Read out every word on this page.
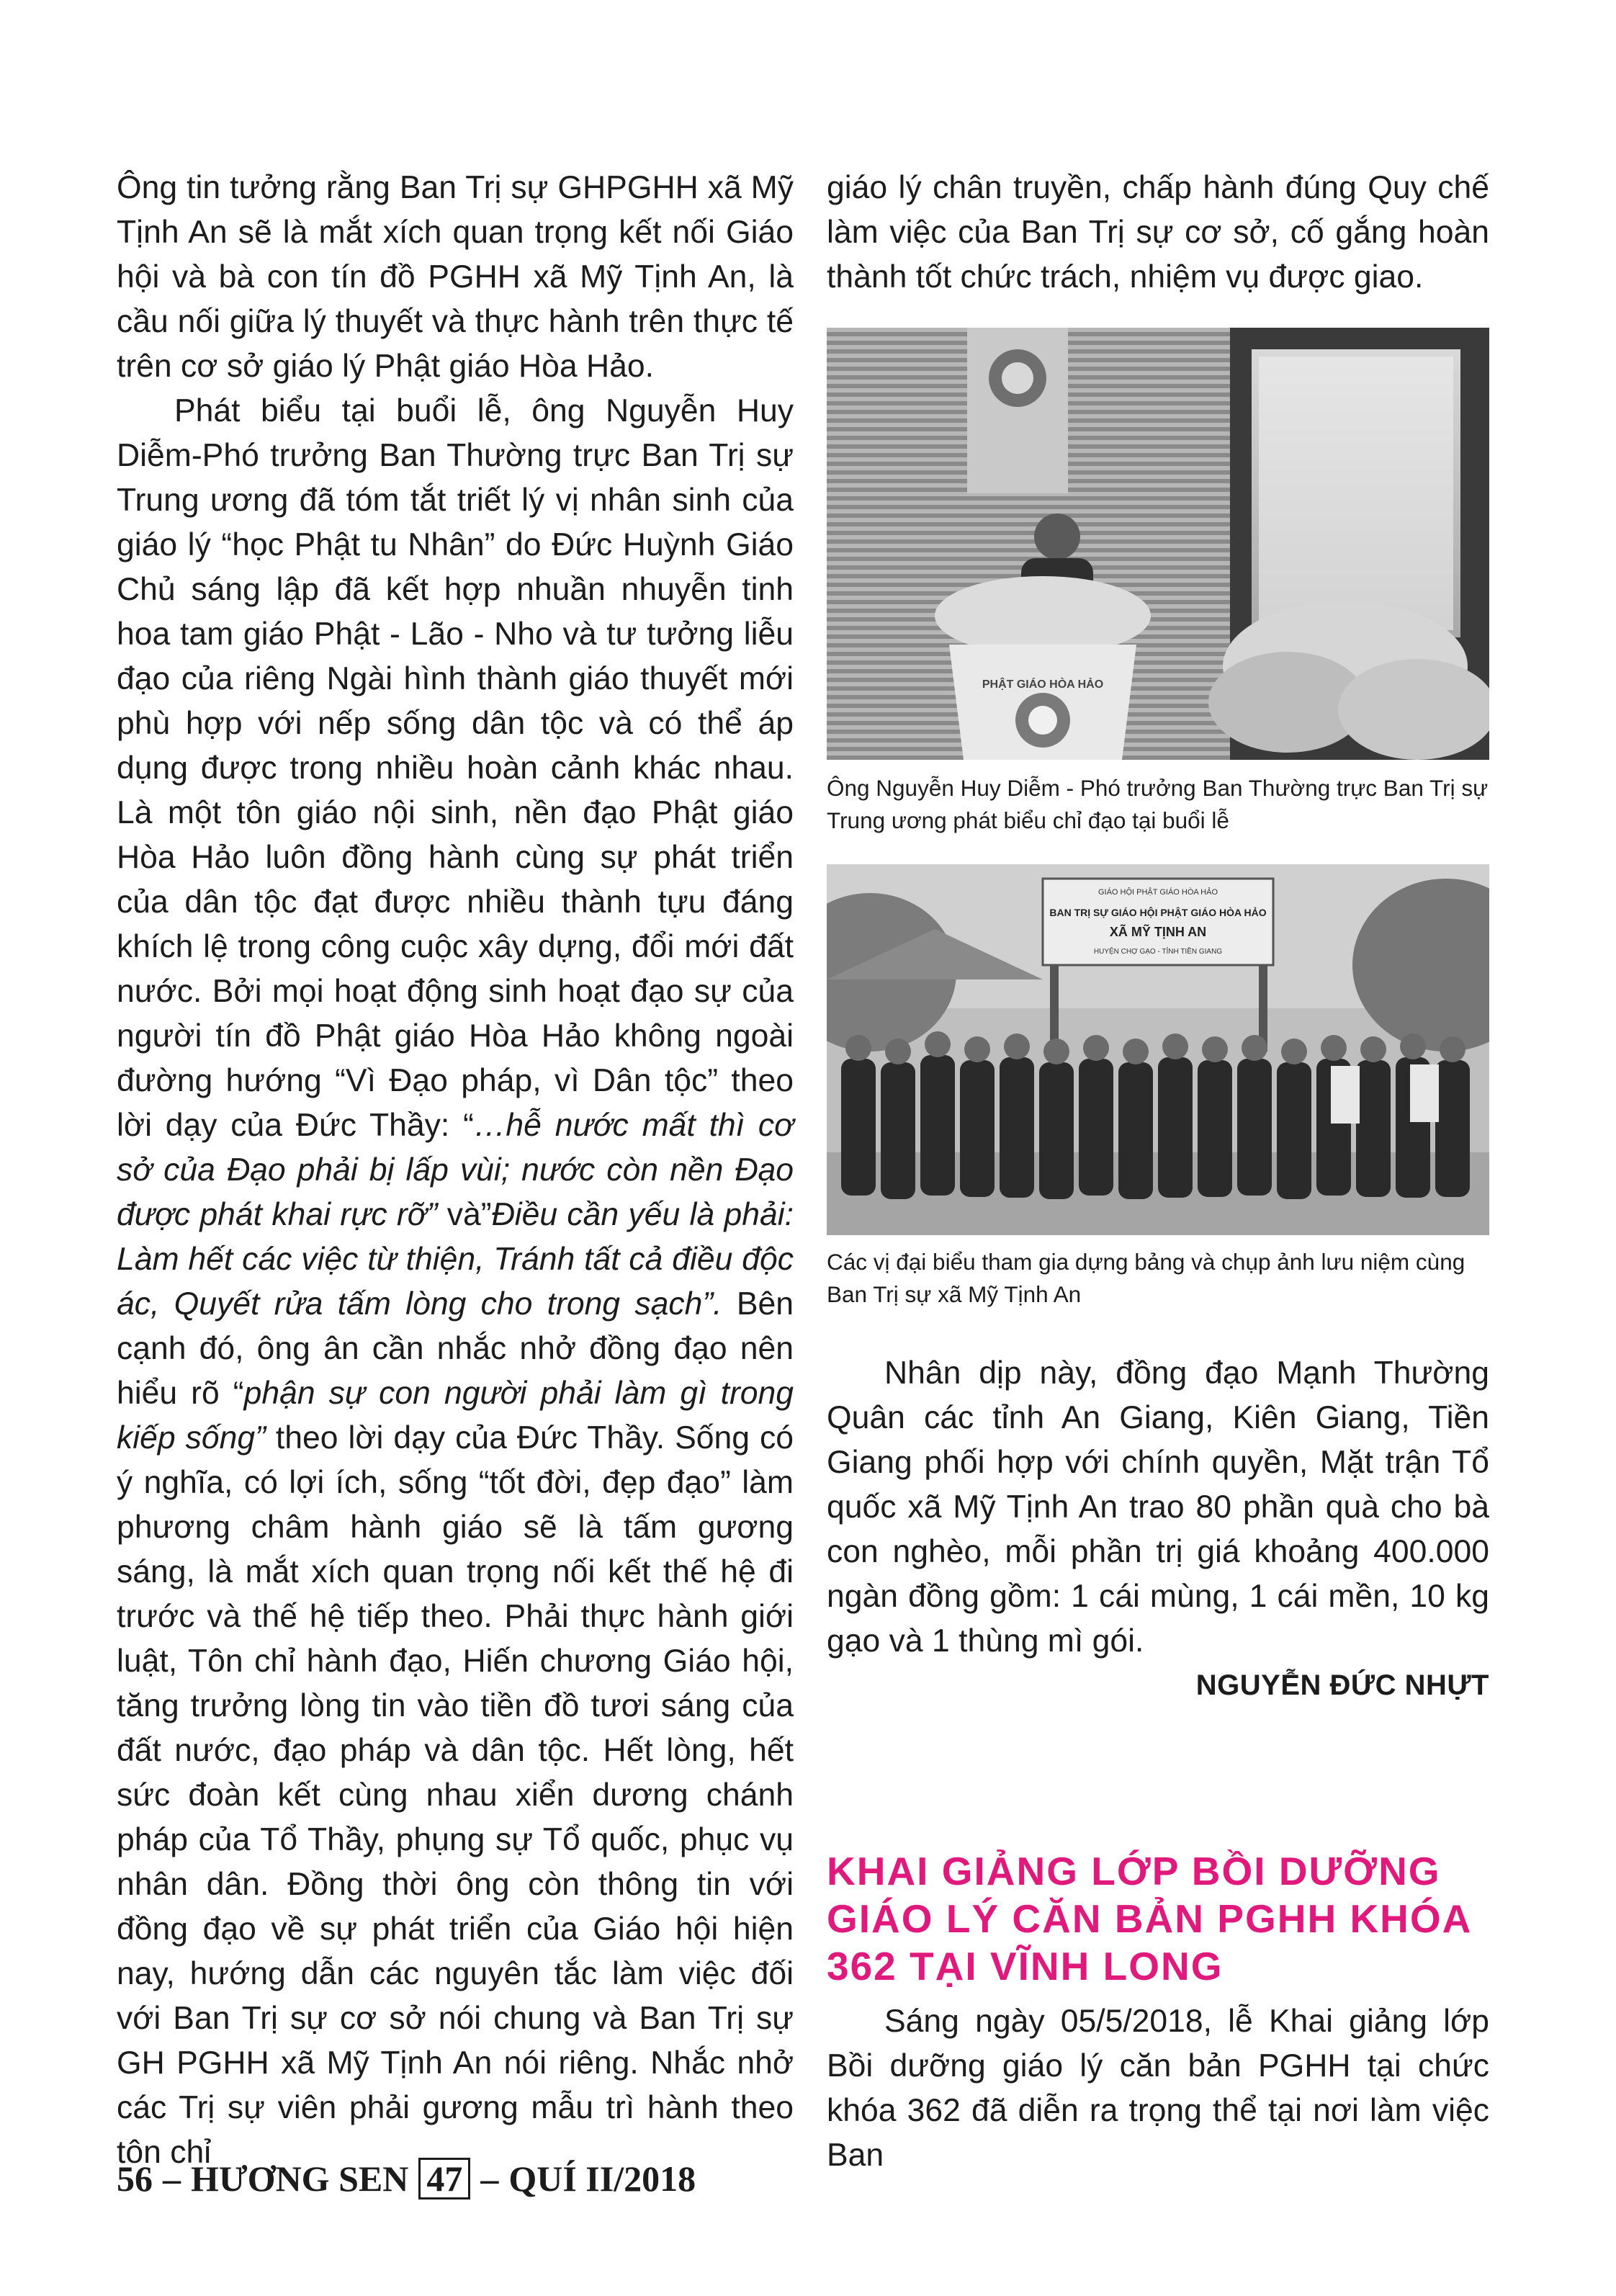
Ông tin tưởng rằng Ban Trị sự GHPGHH xã Mỹ Tịnh An sẽ là mắt xích quan trọng kết nối Giáo hội và bà con tín đồ PGHH xã Mỹ Tịnh An, là cầu nối giữa lý thuyết và thực hành trên thực tế trên cơ sở giáo lý Phật giáo Hòa Hảo.

Phát biểu tại buổi lễ, ông Nguyễn Huy Diễm-Phó trưởng Ban Thường trực Ban Trị sự Trung ương đã tóm tắt triết lý vị nhân sinh của giáo lý “học Phật tu Nhân” do Đức Huỳnh Giáo Chủ sáng lập đã kết hợp nhuần nhuyễn tinh hoa tam giáo Phật - Lão - Nho và tư tưởng liễu đạo của riêng Ngài hình thành giáo thuyết mới phù hợp với nếp sống dân tộc và có thể áp dụng được trong nhiều hoàn cảnh khác nhau. Là một tôn giáo nội sinh, nền đạo Phật giáo Hòa Hảo luôn đồng hành cùng sự phát triển của dân tộc đạt được nhiều thành tựu đáng khích lệ trong công cuộc xây dựng, đổi mới đất nước. Bởi mọi hoạt động sinh hoạt đạo sự của người tín đồ Phật giáo Hòa Hảo không ngoài đường hướng “Vì Đạo pháp, vì Dân tộc” theo lời dạy của Đức Thầy: “…hễ nước mất thì cơ sở của Đạo phải bị lấp vùi; nước còn nền Đạo được phát khai rực rỡ” và”Điều cần yếu là phải: Làm hết các việc từ thiện, Tránh tất cả điều độc ác, Quyết rửa tấm lòng cho trong sạch”. Bên cạnh đó, ông ân cần nhắc nhở đồng đạo nên hiểu rõ “phận sự con người phải làm gì trong kiếp sống” theo lời dạy của Đức Thầy. Sống có ý nghĩa, có lợi ích, sống “tốt đời, đẹp đạo” làm phương châm hành giáo sẽ là tấm gương sáng, là mắt xích quan trọng nối kết thế hệ đi trước và thế hệ tiếp theo. Phải thực hành giới luật, Tôn chỉ hành đạo, Hiến chương Giáo hội, tăng trưởng lòng tin vào tiền đồ tươi sáng của đất nước, đạo pháp và dân tộc. Hết lòng, hết sức đoàn kết cùng nhau xiển dương chánh pháp của Tổ Thầy, phụng sự Tổ quốc, phục vụ nhân dân. Đồng thời ông còn thông tin với đồng đạo về sự phát triển của Giáo hội hiện nay, hướng dẫn các nguyên tắc làm việc đối với Ban Trị sự cơ sở nói chung và Ban Trị sự GH PGHH xã Mỹ Tịnh An nói riêng. Nhắc nhở các Trị sự viên phải gương mẫu trì hành theo tôn chỉ

giáo lý chân truyền, chấp hành đúng Quy chế làm việc của Ban Trị sự cơ sở, cố gắng hoàn thành tốt chức trách, nhiệm vụ được giao.

PHẬT GIÁO HÒA HẢO
Ông Nguyễn Huy Diễm - Phó trưởng Ban Thường trực Ban Trị sự Trung ương phát biểu chỉ đạo tại buổi lễ
GIÁO HỘI PHẬT GIÁO HÒA HẢO
BAN TRỊ SỰ GIÁO HỘI PHẬT GIÁO HÒA HẢO
XÃ MỸ TỊNH AN
HUYỆN CHỢ GẠO - TỈNH TIỀN GIANG
Các vị đại biểu tham gia dựng bảng và chụp ảnh lưu niệm cùng Ban Trị sự xã Mỹ Tịnh An

Nhân dịp này, đồng đạo Mạnh Thường Quân các tỉnh An Giang, Kiên Giang, Tiền Giang phối hợp với chính quyền, Mặt trận Tổ quốc xã Mỹ Tịnh An trao 80 phần quà cho bà con nghèo, mỗi phần trị giá khoảng 400.000 ngàn đồng gồm: 1 cái mùng, 1 cái mền, 10 kg gạo và 1 thùng mì gói.

NGUYỄN ĐỨC NHỰT
KHAI GIẢNG LỚP BỒI DƯỠNG GIÁO LÝ CĂN BẢN PGHH KHÓA 362 TẠI VĨNH LONG

Sáng ngày 05/5/2018, lễ Khai giảng lớp Bồi dưỡng giáo lý căn bản PGHH tại chức khóa 362 đã diễn ra trọng thể tại nơi làm việc Ban

56 – HƯƠNG SEN 47 – QUÍ II/2018
